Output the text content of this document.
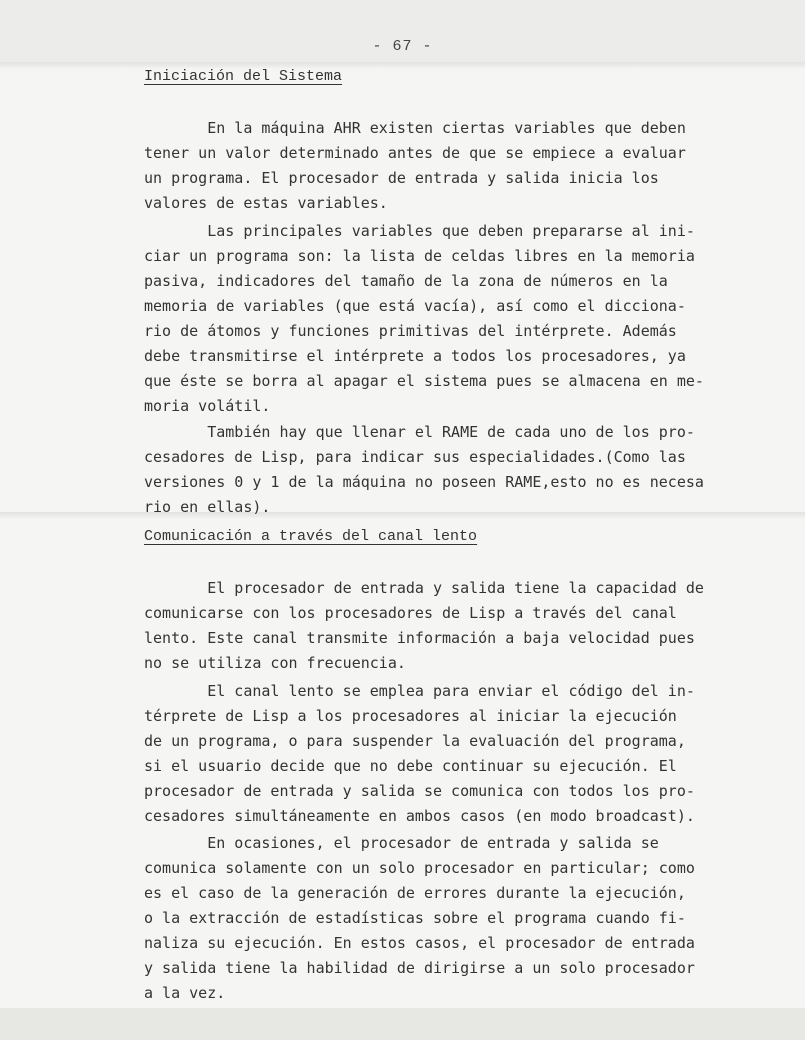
- 67 -
Iniciación del Sistema
En la máquina AHR existen ciertas variables que deben
tener un valor determinado antes de que se empiece a evaluar
un programa. El procesador de entrada y salida inicia los
valores de estas variables.
Las principales variables que deben prepararse al ini-
ciar un programa son: la lista de celdas libres en la memoria
pasiva, indicadores del tamaño de la zona de números en la
memoria de variables (que está vacía), así como el dicciona-
rio de átomos y funciones primitivas del intérprete. Además
debe transmitirse el intérprete a todos los procesadores, ya
que éste se borra al apagar el sistema pues se almacena en me-
moria volátil.
También hay que llenar el RAME de cada uno de los pro-
cesadores de Lisp, para indicar sus especialidades.(Como las
versiones 0 y 1 de la máquina no poseen RAME,esto no es necesa
rio en ellas).
Comunicación a través del canal lento
El procesador de entrada y salida tiene la capacidad de
comunicarse con los procesadores de Lisp a través del canal
lento. Este canal transmite información a baja velocidad pues
no se utiliza con frecuencia.
El canal lento se emplea para enviar el código del in-
térprete de Lisp a los procesadores al iniciar la ejecución
de un programa, o para suspender la evaluación del programa,
si el usuario decide que no debe continuar su ejecución. El
procesador de entrada y salida se comunica con todos los pro-
cesadores simultáneamente en ambos casos (en modo broadcast).
En ocasiones, el procesador de entrada y salida se
comunica solamente con un solo procesador en particular; como
es el caso de la generación de errores durante la ejecución,
o la extracción de estadísticas sobre el programa cuando fi-
naliza su ejecución. En estos casos, el procesador de entrada
y salida tiene la habilidad de dirigirse a un solo procesador
a la vez.
